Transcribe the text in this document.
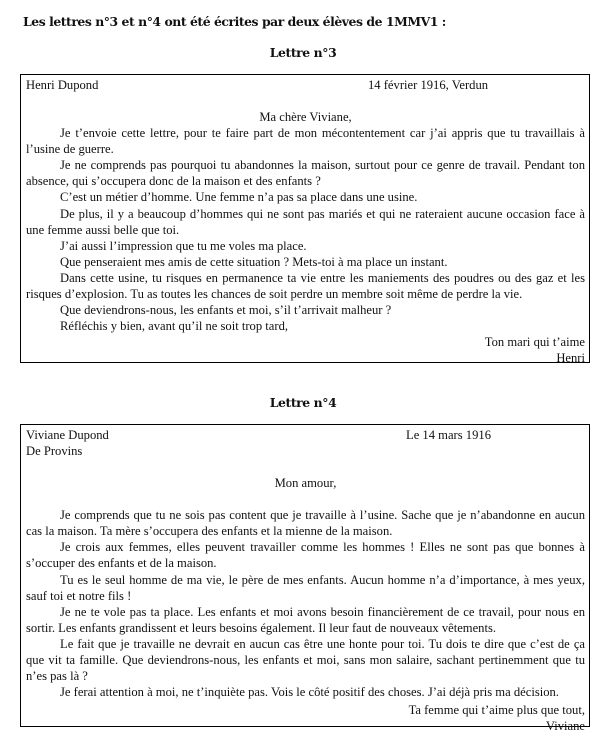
Les lettres n°3 et n°4 ont été écrites par deux élèves de 1MMV1 :
Lettre n°3
Henri Dupond	14 février 1916, Verdun
Ma chère Viviane,

Je t’envoie cette lettre, pour te faire part de mon mécontentement car j’ai appris que tu travaillais à l’usine de guerre.

Je ne comprends pas pourquoi tu abandonnes la maison, surtout pour ce genre de travail. Pendant ton absence, qui s’occupera donc de la maison et des enfants ?

C’est un métier d’homme. Une femme n’a pas sa place dans une usine.

De plus, il y a beaucoup d’hommes qui ne sont pas mariés et qui ne rateraient aucune occasion face à une femme aussi belle que toi.

J’ai aussi l’impression que tu me voles ma place.

Que penseraient mes amis de cette situation ? Mets-toi à ma place un instant.

Dans cette usine, tu risques en permanence ta vie entre les maniements des poudres ou des gaz et les risques d’explosion. Tu as toutes les chances de soit perdre un membre soit même de perdre la vie.

Que deviendrons-nous, les enfants et moi, s’il t’arrivait malheur ?

Réfléchis y bien, avant qu’il ne soit trop tard,

Ton mari qui t’aime
Henri
Lettre n°4
Viviane Dupond	Le 14 mars 1916
De Provins
Mon amour,

Je comprends que tu ne sois pas content que je travaille à l’usine. Sache que je n’abandonne en aucun cas la maison. Ta mère s’occupera des enfants et la mienne de la maison.

Je crois aux femmes, elles peuvent travailler comme les hommes ! Elles ne sont pas que bonnes à s’occuper des enfants et de la maison.

Tu es le seul homme de ma vie, le père de mes enfants. Aucun homme n’a d’importance, à mes yeux, sauf toi et notre fils !

Je ne te vole pas ta place. Les enfants et moi avons besoin financièrement de ce travail, pour nous en sortir. Les enfants grandissent et leurs besoins également. Il leur faut de nouveaux vêtements.

Le fait que je travaille ne devrait en aucun cas être une honte pour toi. Tu dois te dire que c’est de ça que vit ta famille. Que deviendrons-nous, les enfants et moi, sans mon salaire, sachant pertinemment que tu n’es pas là ?

Je ferai attention à moi, ne t’inquiète pas. Vois le côté positif des choses. J’ai déjà pris ma décision.

Ta femme qui t’aime plus que tout,
Viviane
